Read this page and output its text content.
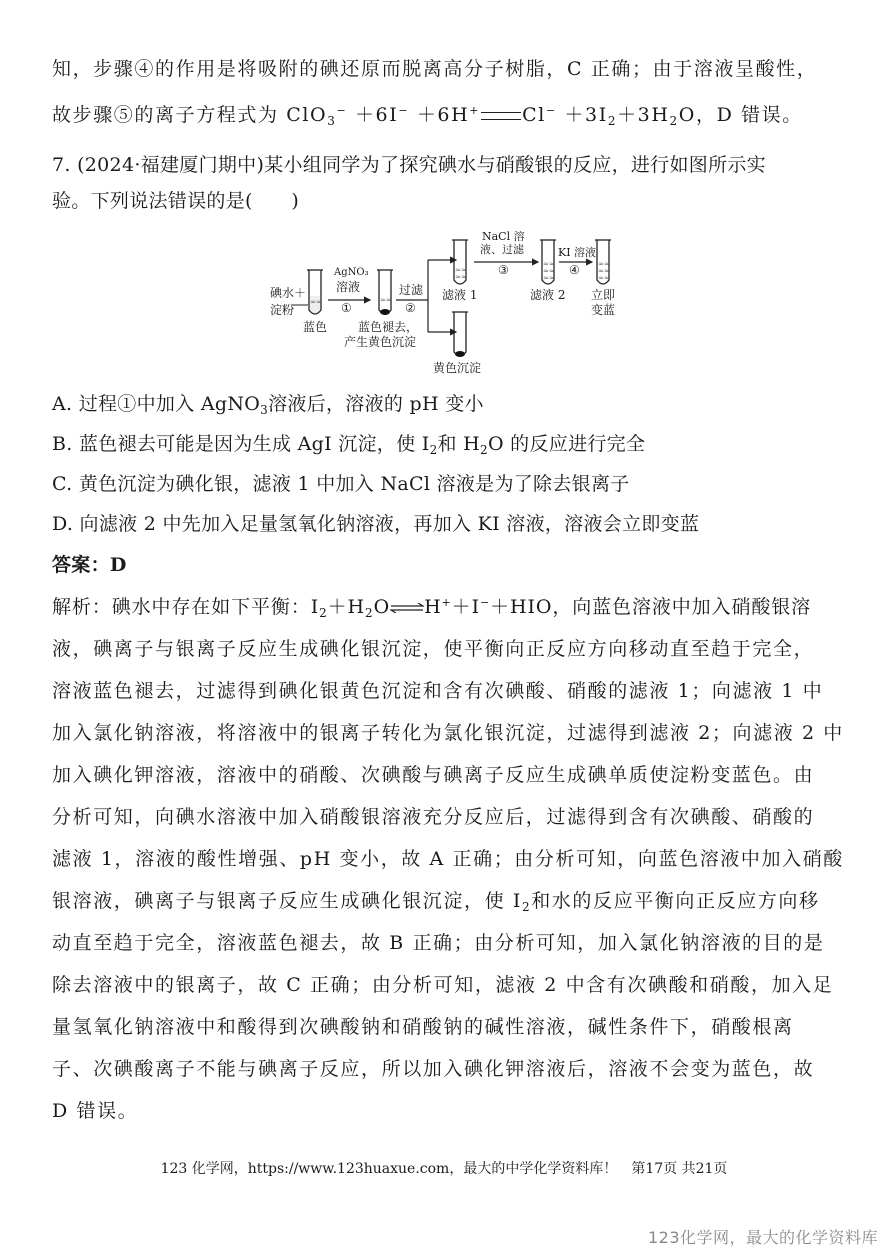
知，步骤④的作用是将吸附的碘还原而脱离高分子树脂，C 正确；由于溶液呈酸性，
故步骤⑤的离子方程式为 ClO$_3$− ＋6I− ＋6H+ $Cl^- +3I_2+3H_2O$，D 错误。
7. (2024·福建厦门期中)某小组同学为了探究碘水与硝酸银的反应，进行如图所示实
验。下列说法错误的是(　　)
≈≈	≈≈
≈≈
≈≈
≈≈
≈≈
≈≈
≈≈
≈≈
≈≈
碘水＋
淀粉
蓝色
AgNO₃
溶液
①
蓝色褪去，
产生黄色沉淀
过滤
②
滤液 1
黄色沉淀
NaCl 溶
液、过滤
③
滤液 2
KI 溶液
④
立即
变蓝
A. 过程①中加入 AgNO$_3$溶液后，溶液的 pH 变小
B. 蓝色褪去可能是因为生成 AgI 沉淀，使 $I_2$和 $H_2O$ 的反应进行完全
C. 黄色沉淀为碘化银，滤液 1 中加入 NaCl 溶液是为了除去银离子
D. 向滤液 2 中先加入足量氢氧化钠溶液，再加入 KI 溶液，溶液会立即变蓝
答案：D
解析：碘水中存在如下平衡：$I_2+H_2O\rightleftharpoons H^++I^-+HIO$，向蓝色溶液中加入硝酸银溶
液，碘离子与银离子反应生成碘化银沉淀，使平衡向正反应方向移动直至趋于完全，
溶液蓝色褪去，过滤得到碘化银黄色沉淀和含有次碘酸、硝酸的滤液 1；向滤液 1 中
加入氯化钠溶液，将溶液中的银离子转化为氯化银沉淀，过滤得到滤液 2；向滤液 2 中
加入碘化钾溶液，溶液中的硝酸、次碘酸与碘离子反应生成碘单质使淀粉变蓝色。由
分析可知，向碘水溶液中加入硝酸银溶液充分反应后，过滤得到含有次碘酸、硝酸的
滤液 1，溶液的酸性增强、pH 变小，故 A 正确；由分析可知，向蓝色溶液中加入硝酸
银溶液，碘离子与银离子反应生成碘化银沉淀，使 $I_2$和水的反应平衡向正反应方向移
动直至趋于完全，溶液蓝色褪去，故 B 正确；由分析可知，加入氯化钠溶液的目的是
除去溶液中的银离子，故 C 正确；由分析可知，滤液 2 中含有次碘酸和硝酸，加入足
量氢氧化钠溶液中和酸得到次碘酸钠和硝酸钠的碱性溶液，碱性条件下，硝酸根离
子、次碘酸离子不能与碘离子反应，所以加入碘化钾溶液后，溶液不会变为蓝色，故
D 错误。
123 化学网，https://www.123huaxue.com，最大的中学化学资料库！　第17页 共21页
123化学网，最大的化学资料库
